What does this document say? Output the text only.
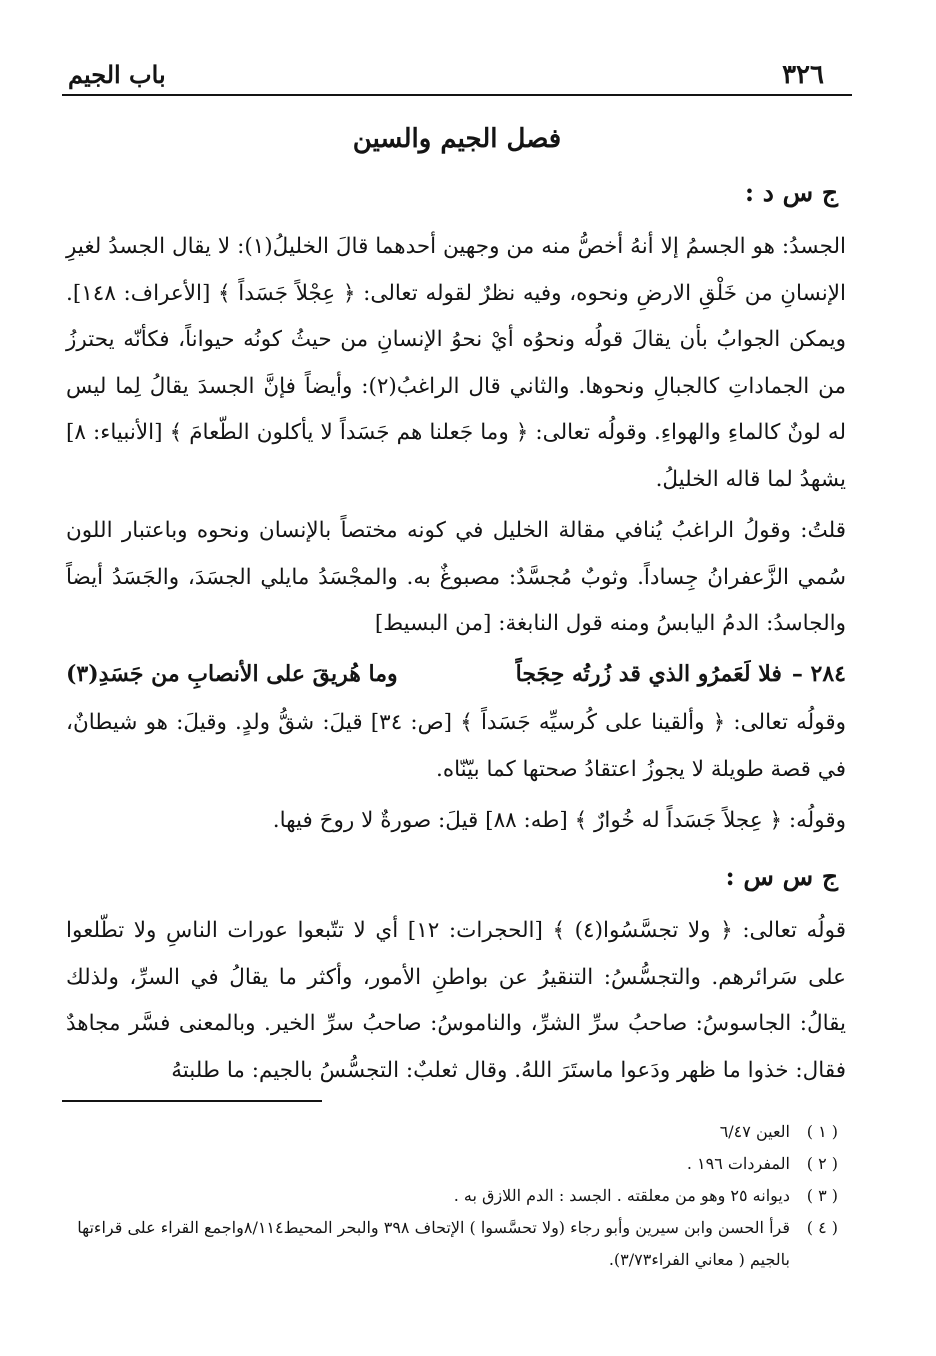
٣٢٦
باب الجيم
فصل الجيم والسين
ج س د :
الجسدُ: هو الجسمُ إلا أنهُ أخصُّ منه من وجهين أحدهما قالَ الخليلُ(١): لا يقال الجسدُ لغيرِ الإنسانِ من خَلْقِ الارضِ ونحوه، وفيه نظرٌ لقوله تعالى: ﴿ عِجْلاً جَسَداً ﴾ [الأعراف: ١٤٨]. ويمكن الجوابُ بأن يقالَ قولُه ونحوُه أيْ نحوُ الإنسانِ من حيثُ كونُه حيواناً، فكأنّه يحترزُ من الجماداتِ كالجبالِ ونحوها. والثاني قال الراغبُ(٢): وأيضاً فإنَّ الجسدَ يقالُ لِما ليس له لونٌ كالماءِ والهواءِ. وقولُه تعالى: ﴿ وما جَعلنا هم جَسَداً لا يأكلون الطّعامَ ﴾ [الأنبياء: ٨] يشهدُ لما قاله الخليلُ.
قلتُ: وقولُ الراغبُ يُنافي مقالة الخليل في كونه مختصاً بالإنسان ونحوه وباعتبار اللون سُمي الزَّعفرانُ جِساداً. وثوبٌ مُجسَّدٌ: مصبوغٌ به. والمجْسَدُ مايلي الجسَدَ، والجَسَدُ أيضاً والجاسدُ: الدمُ اليابسُ ومنه قول النابغة: [من البسيط]
٢٨٤ –فلا لَعَمرُو الذي قد زُرتُه حِجَجاً
وما هُريقَ على الأنصابِ من جَسَدِ(٣)
وقولُه تعالى: ﴿ وألقينا على كُرسيِّه جَسَداً ﴾ [ص: ٣٤] قيلَ: شقُّ ولدٍ. وقيلَ: هو شيطانٌ، في قصة طويلة لا يجوزُ اعتقادُ صحتها كما بيّنّاه.
وقولُه: ﴿ عِجلاً جَسَداً له خُوارٌ ﴾ [طه: ٨٨] قيلَ: صورةٌ لا روحَ فيها.
ج س س :
قولُه تعالى: ﴿ ولا تجسَّسُوا(٤) ﴾ [الحجرات: ١٢] أي لا تتّبعوا عورات الناسِ ولا تطّلعوا على سَرائرهم. والتجسُّسُ: التنقيرُ عن بواطنِ الأمور، وأكثر ما يقالُ في السرِّ، ولذلك يقالُ: الجاسوسُ: صاحبُ سرِّ الشرِّ، والناموسُ: صاحبُ سرِّ الخير. وبالمعنى فسَّر مجاهدٌ فقال: خذوا ما ظهر ودَعوا ماستَرَ اللهُ. وقال ثعلبٌ: التجسُّسُ بالجيم: ما طلبتهُ
( ١ )
العين ٦/٤٧
( ٢ )
المفردات ١٩٦ .
( ٣ )
ديوانه ٢٥ وهو من معلقته . الجسد : الدم اللازق به .
( ٤ )
قرأ الحسن وابن سيرين وأبو رجاء (ولا تحسَّسوا ) الإتحاف ٣٩٨ والبحر المحيط٨/١١٤واجمع القراء على قراءتها بالجيم ( معاني الفراء٣/٧٣).
